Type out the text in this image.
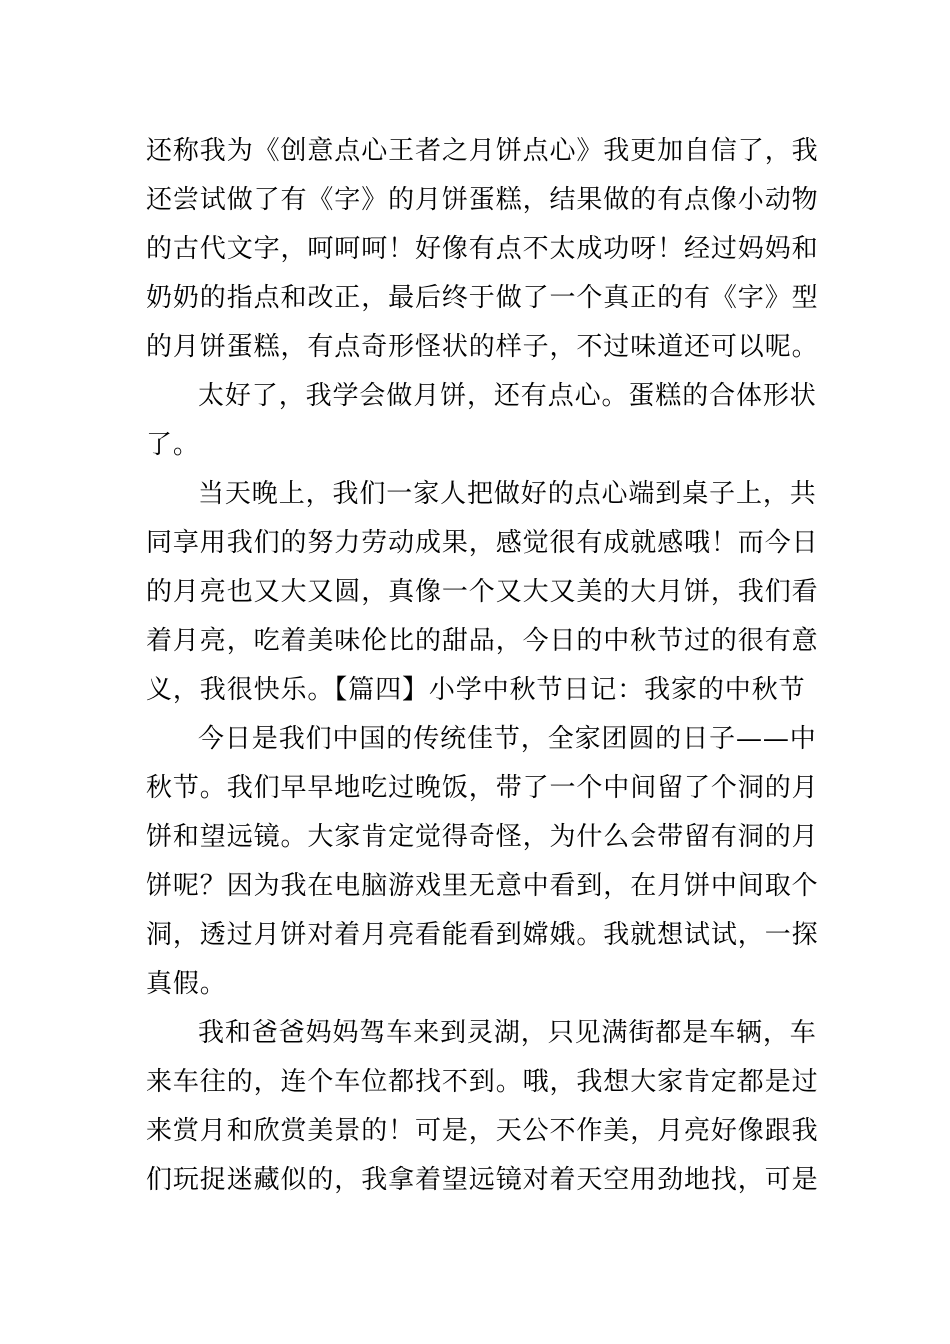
还称我为《创意点心王者之月饼点心》我更加自信了，我
还尝试做了有《字》的月饼蛋糕，结果做的有点像小动物
的古代文字，呵呵呵！好像有点不太成功呀！经过妈妈和
奶奶的指点和改正，最后终于做了一个真正的有《字》型
的月饼蛋糕，有点奇形怪状的样子，不过味道还可以呢。
太好了，我学会做月饼，还有点心。蛋糕的合体形状
了。
当天晚上，我们一家人把做好的点心端到桌子上，共
同享用我们的努力劳动成果，感觉很有成就感哦！而今日
的月亮也又大又圆，真像一个又大又美的大月饼，我们看
着月亮，吃着美味伦比的甜品，今日的中秋节过的很有意
义，我很快乐。【篇四】小学中秋节日记：我家的中秋节
今日是我们中国的传统佳节，全家团圆的日子——中
秋节。我们早早地吃过晚饭，带了一个中间留了个洞的月
饼和望远镜。大家肯定觉得奇怪，为什么会带留有洞的月
饼呢？因为我在电脑游戏里无意中看到，在月饼中间取个
洞，透过月饼对着月亮看能看到嫦娥。我就想试试，一探
真假。
我和爸爸妈妈驾车来到灵湖，只见满街都是车辆，车
来车往的，连个车位都找不到。哦，我想大家肯定都是过
来赏月和欣赏美景的！可是，天公不作美，月亮好像跟我
们玩捉迷藏似的，我拿着望远镜对着天空用劲地找，可是
